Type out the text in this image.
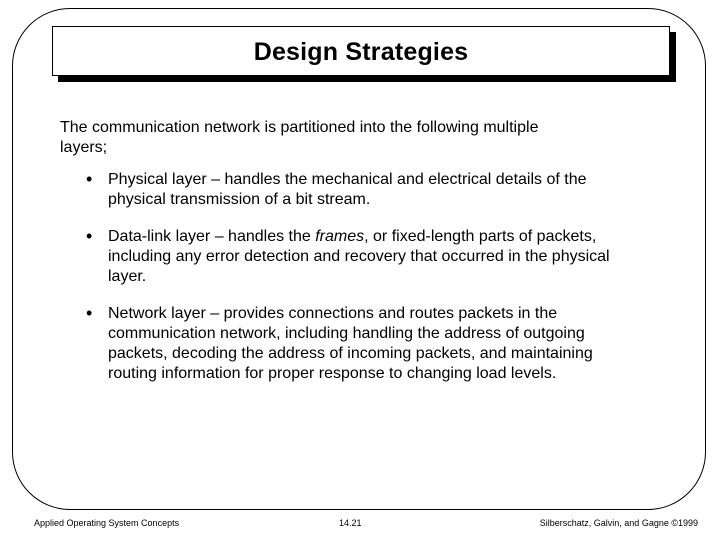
Design Strategies
The communication network is partitioned into the following multiple layers;
• Physical layer – handles the mechanical and electrical details of the physical transmission of a bit stream.
• Data-link layer – handles the frames, or fixed-length parts of packets, including any error detection and recovery that occurred in the physical layer.
• Network layer – provides connections and routes packets in the communication network, including handling the address of outgoing packets, decoding the address of incoming packets, and maintaining routing information for proper response to changing load levels.
Applied Operating System Concepts	14.21	Silberschatz, Galvin, and Gagne ©1999
